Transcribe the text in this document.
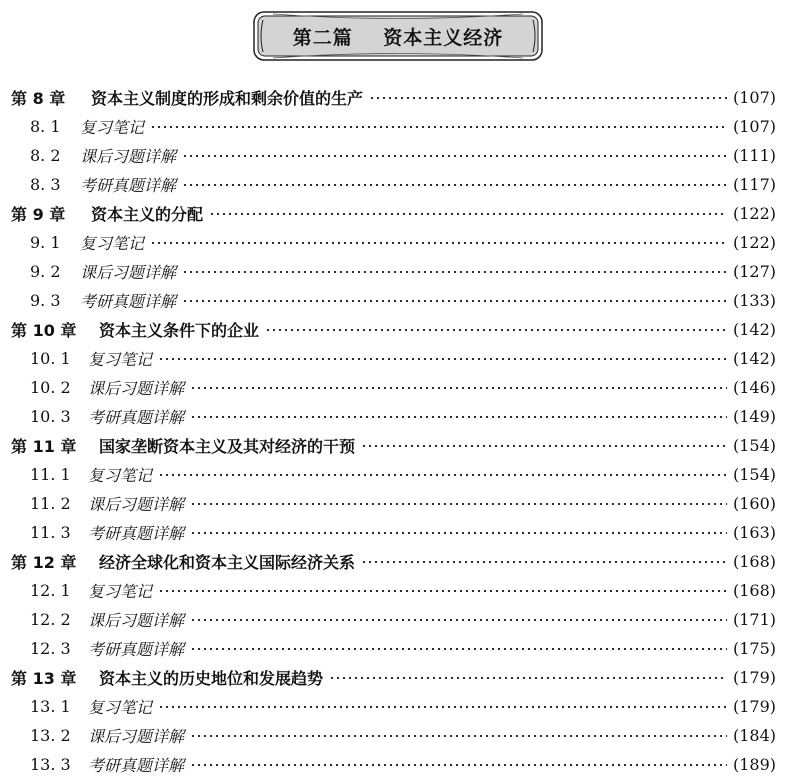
第二篇    资本主义经济
第 8 章	资本主义制度的形成和剩余价值的生产	(107)
8. 1	复习笔记	(107)
8. 2	课后习题详解	(111)
8. 3	考研真题详解	(117)
第 9 章	资本主义的分配	(122)
9. 1	复习笔记	(122)
9. 2	课后习题详解	(127)
9. 3	考研真题详解	(133)
第 10 章	资本主义条件下的企业	(142)
10. 1	复习笔记	(142)
10. 2	课后习题详解	(146)
10. 3	考研真题详解	(149)
第 11 章	国家垄断资本主义及其对经济的干预	(154)
11. 1	复习笔记	(154)
11. 2	课后习题详解	(160)
11. 3	考研真题详解	(163)
第 12 章	经济全球化和资本主义国际经济关系	(168)
12. 1	复习笔记	(168)
12. 2	课后习题详解	(171)
12. 3	考研真题详解	(175)
第 13 章	资本主义的历史地位和发展趋势	(179)
13. 1	复习笔记	(179)
13. 2	课后习题详解	(184)
13. 3	考研真题详解	(189)
